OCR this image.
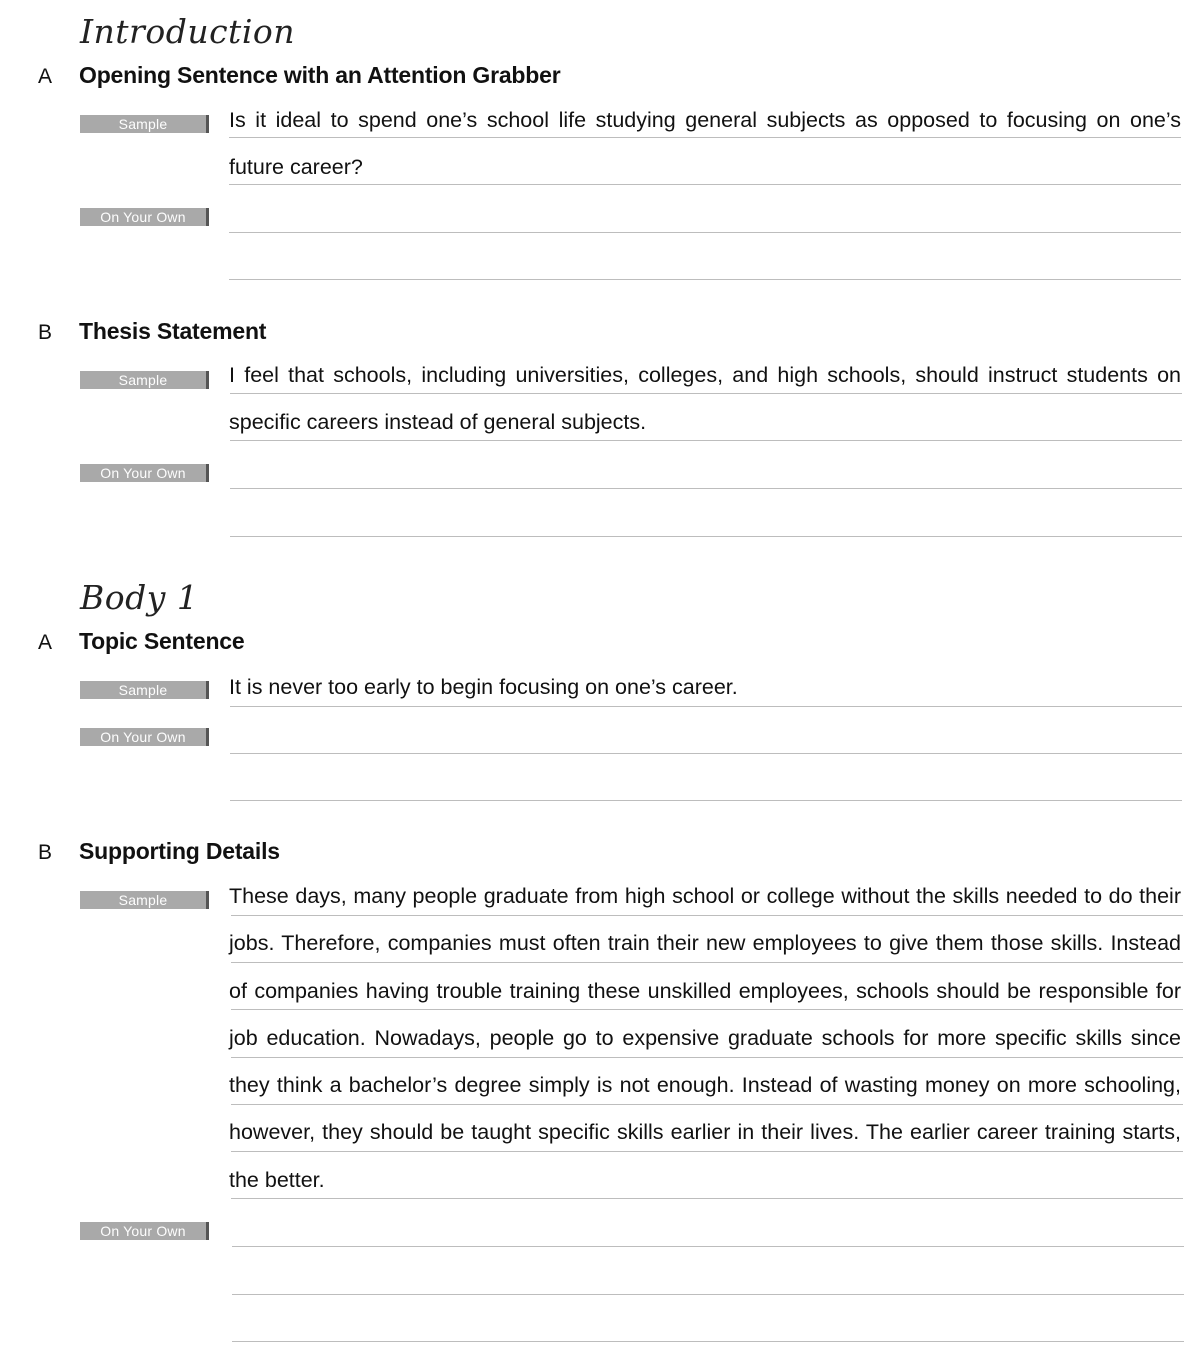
Introduction
A	Opening Sentence with an Attention Grabber
Sample	Is it ideal to spend one’s school life studying general subjects as opposed to focusing on one’s future career?

On Your Own
B	Thesis Statement
Sample	I feel that schools, including universities, colleges, and high schools, should instruct students on specific careers instead of general subjects.

On Your Own
Body 1
A	Topic Sentence
Sample	It is never too early to begin focusing on one’s career.

On Your Own
B	Supporting Details
Sample	These days, many people graduate from high school or college without the skills needed to do their jobs. Therefore, companies must often train their new employees to give them those skills. Instead of companies having trouble training these unskilled employees, schools should be responsible for job education. Nowadays, people go to expensive graduate schools for more specific skills since they think a bachelor’s degree simply is not enough. Instead of wasting money on more schooling, however, they should be taught specific skills earlier in their lives. The earlier career training starts, the better.

On Your Own
